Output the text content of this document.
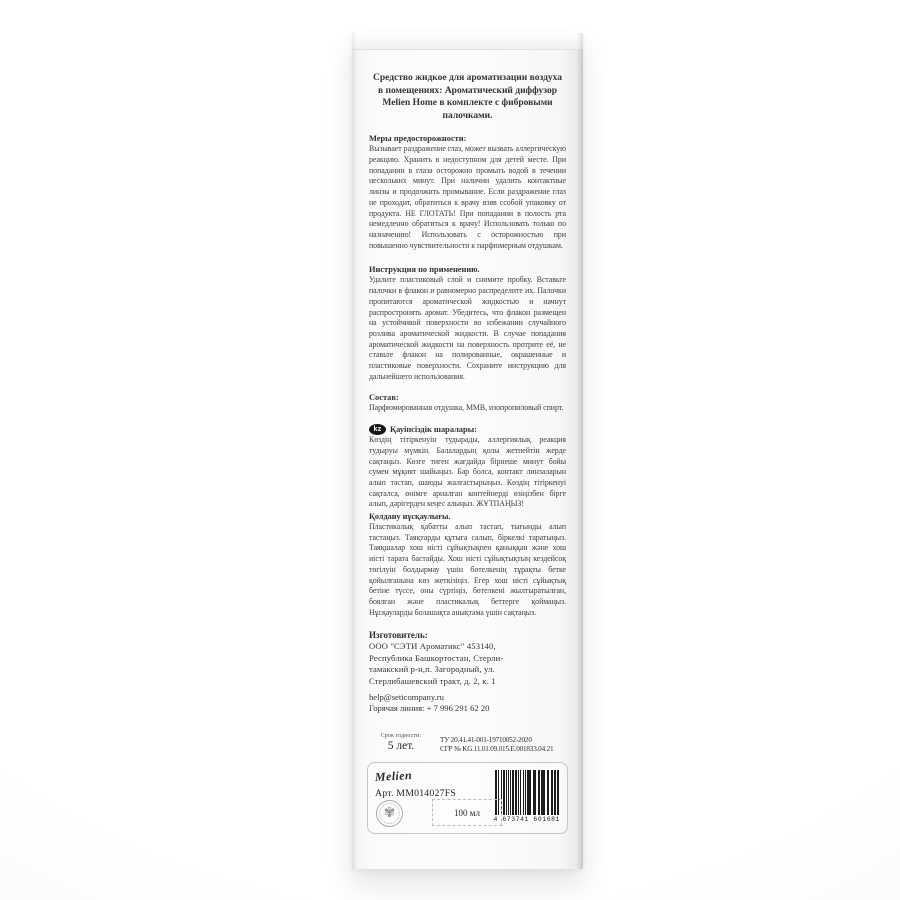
Средство жидкое для ароматизации воздуха в помещениях: Ароматический диффузор Melien Home в комплекте с фибровыми палочками.
Меры предосторожности:
Вызывает раздражение глаз, может вызвать аллергическую реакцию. Хранить в недоступном для детей месте. При попадании в глаза осторожно промыть водой в течении нескольких минут. При наличии удалить контактные линзы и продолжить промывание. Если раздражение глаз не проходит, обратиться к врачу взяв ссобой упаковку от продукта. НЕ ГЛОТАТЬ! При попадании в полость рта немедленно обратиться к врачу! Использовать только по назначению! Использовать с осторожностью при повышенно чувствительности к парфюмерным отдушкам.
Инструкция по применению.
Удалите пластиковый слой и снимите пробку. Вставьте палочки в флакон и равномерно распределите их. Палочки пропитаются ароматической жидкостью и начнут распростронять аромат. Убедитесь, что флакон размещен на устойчивой поверхности во избежании случайного розлива ароматической жидкости. В случае попадания ароматической жидкости на поверхность протрите её, не ставьте флакон на полированные, окрашенные и пластиковые поверхности. Сохраните инструкцию для дальнейшего использования.
Состав:
Парфюмированная отдушка, ММВ, изопропиловый спирт.
kz	Қауіпсіздік шаралары:
Көздің тітіркенуін тудырады, аллергиялық реакция тудыруы мүмкін. Балалардың қолы жетпейтін жерде сақтаңыз. Көзге тиген жағдайда бірнеше минут бойы сумен мұқият шайыңыз. Бар болса, контакт линзаларын алып тастап, шаюды жалғастырыңыз. Көздің тітіркенуі сақталса, өнімге арналған контейнерді өзіңізбен бірге алып, дәрігерден кеңес алыңыз. ЖҰТПАҢЫЗ!
Қолдану нұсқаулығы.
Пластикалық қабатты алып тастап, тығынды алып тастаңыз. Таяқтарды құтыға салып, біркелкі таратыңыз. Таяқшалар хош иісті сұйықтықпен қаныққан және хош иісті тарата бастайды. Хош иісті сұйықтықтың кездейсоқ төгілуін болдырмау үшін бөтелкенің тұрақты бетке қойылғанына көз жеткізіңіз. Егер хош иісті сұйықтық бетіне түссе, оны сүртіңіз, бөтелкені жылтыратылған, боялған және пластикалық беттерге қоймаңыз. Нұсқауларды болашақта анықтама үшін сақтаңыз.
Изготовитель:
ООО "СЭТИ Ароматикс" 453140,
Республика Башкортостан, Стерли-
тамакский р-н,п. Загородный, ул.
Стерлибашевский тракт, д. 2, к. 1
help@seticompany.ru
Горячая линия: + 7 996 291 62 20
Срок годности:
5 лет.	ТУ 20.41.41-001-19710052-2020
СГР № KG.11.01.09.015.Е.001833.04.21
Melien
Арт. MM014027FS
✾	100 мл
4 673741 601681
